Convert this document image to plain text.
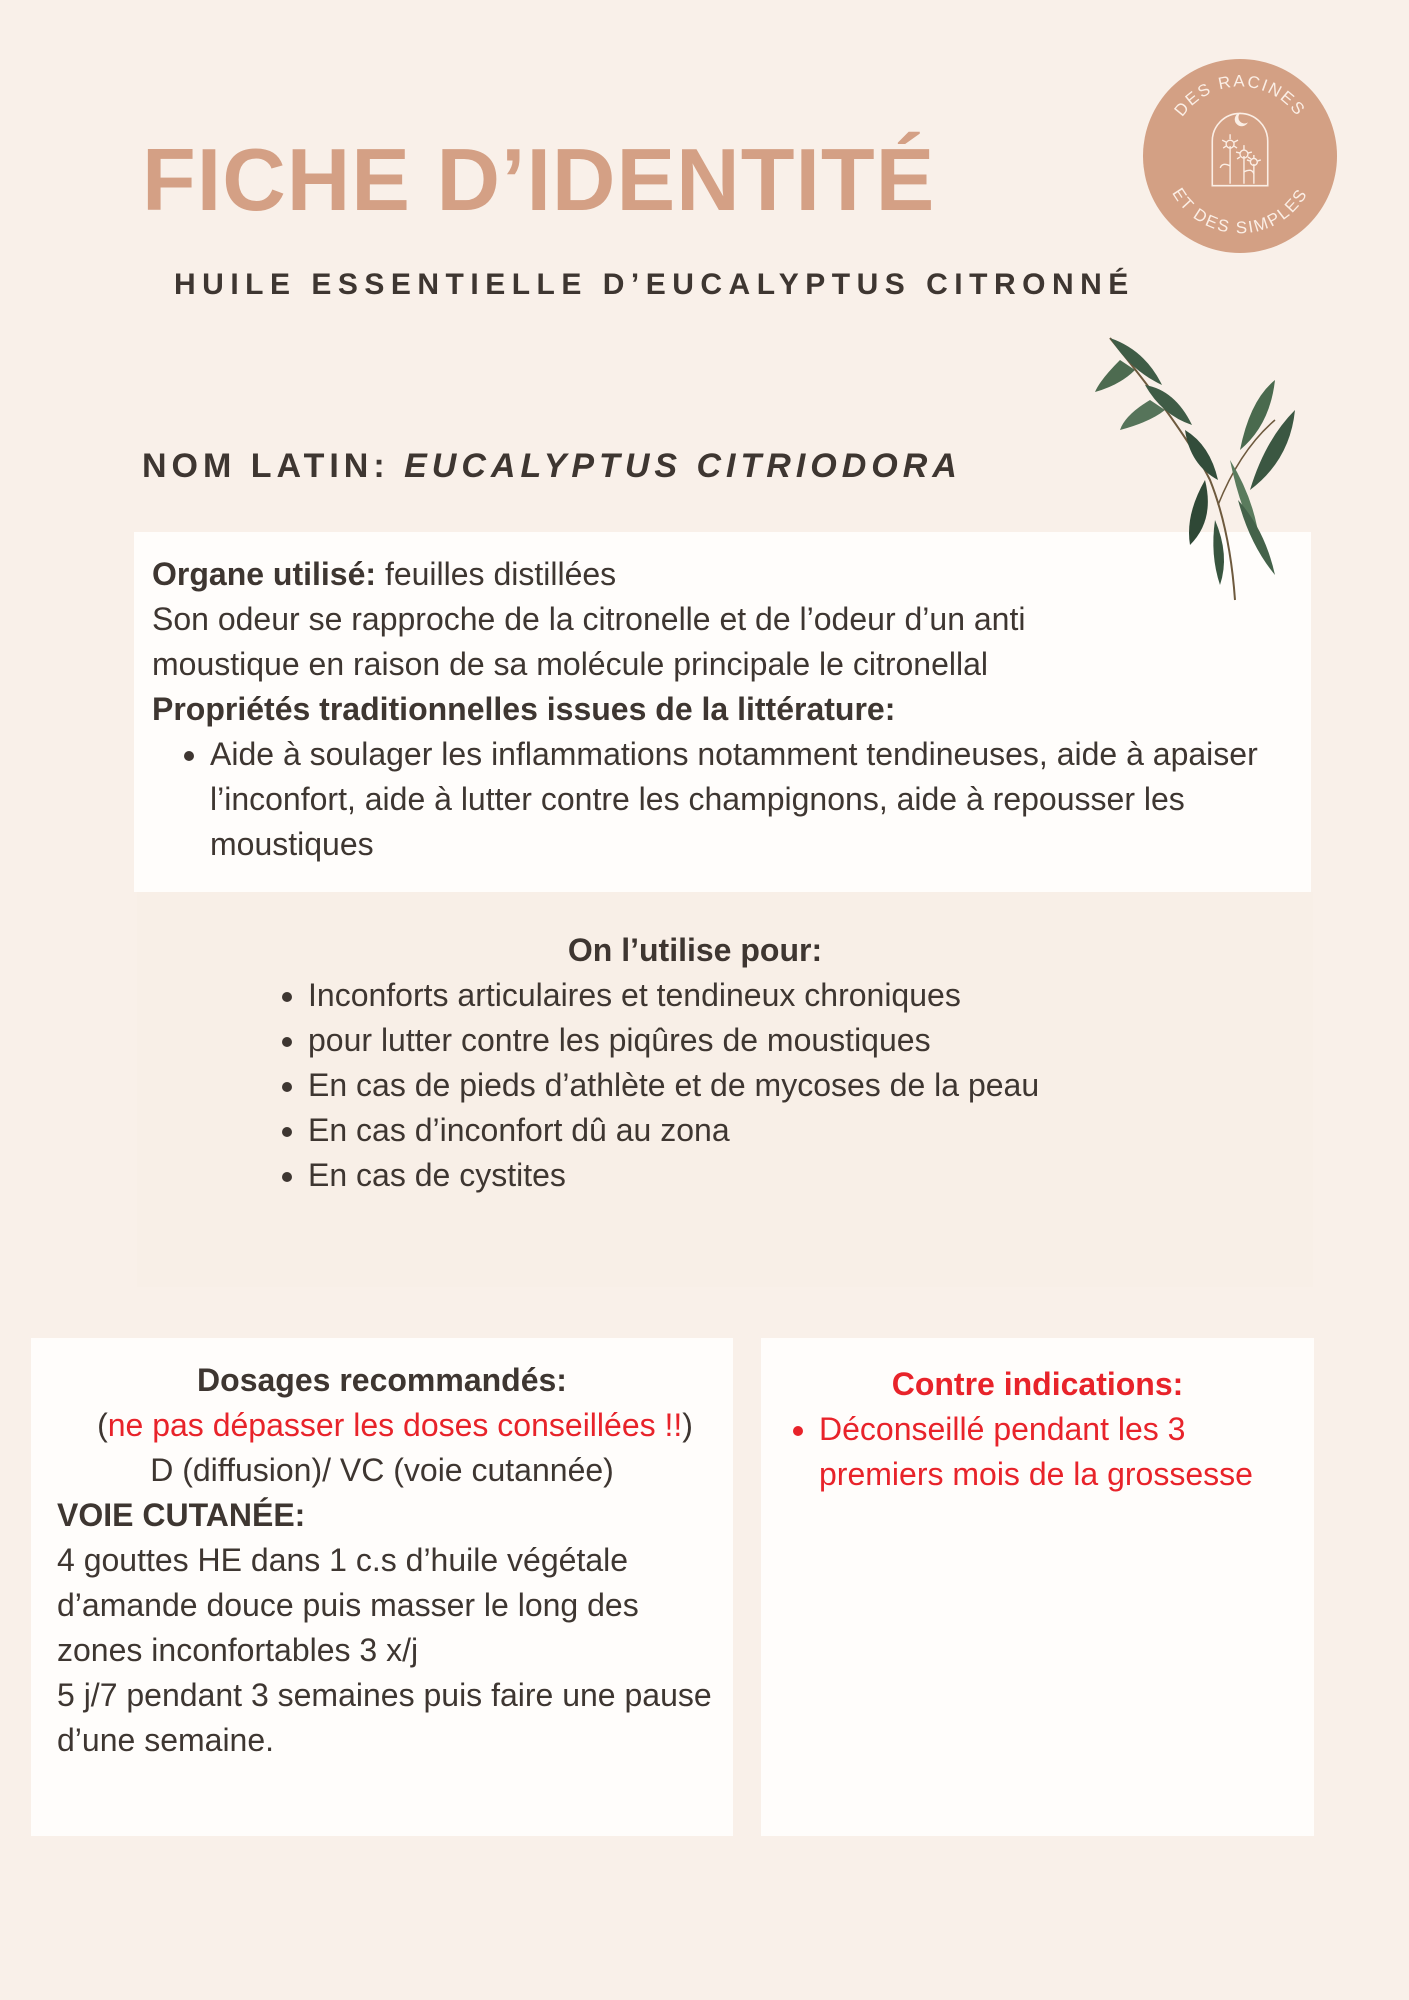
DES RACINES
ET DES SIMPLES
FICHE D’IDENTITÉ

HUILE ESSENTIELLE D’EUCALYPTUS CITRONNÉ

NOM LATIN: EUCALYPTUS CITRIODORA

Organe utilisé: feuilles distillées

Son odeur se rapproche de la citronelle et de l’odeur d’un anti moustique en raison de sa molécule principale le citronellal

Propriétés traditionnelles issues de la littérature:

• Aide à soulager les inflammations notamment tendineuses, aide à apaiser l’inconfort, aide à lutter contre les champignons, aide à repousser les moustiques

On l’utilise pour:

• Inconforts articulaires et tendineux chroniques
• pour lutter contre les piqûres de moustiques
• En cas de pieds d’athlète et de mycoses de la peau
• En cas d’inconfort dû au zona
• En cas de cystites

Dosages recommandés:

(ne pas dépasser les doses conseillées !!)

D (diffusion)/ VC (voie cutannée)

VOIE CUTANÉE:

4 gouttes HE dans 1 c.s d’huile végétale d’amande douce puis masser le long des zones inconfortables 3 x/j

5 j/7 pendant 3 semaines puis faire une pause d’une semaine.

Contre indications:

• Déconseillé pendant les 3 premiers mois de la grossesse
